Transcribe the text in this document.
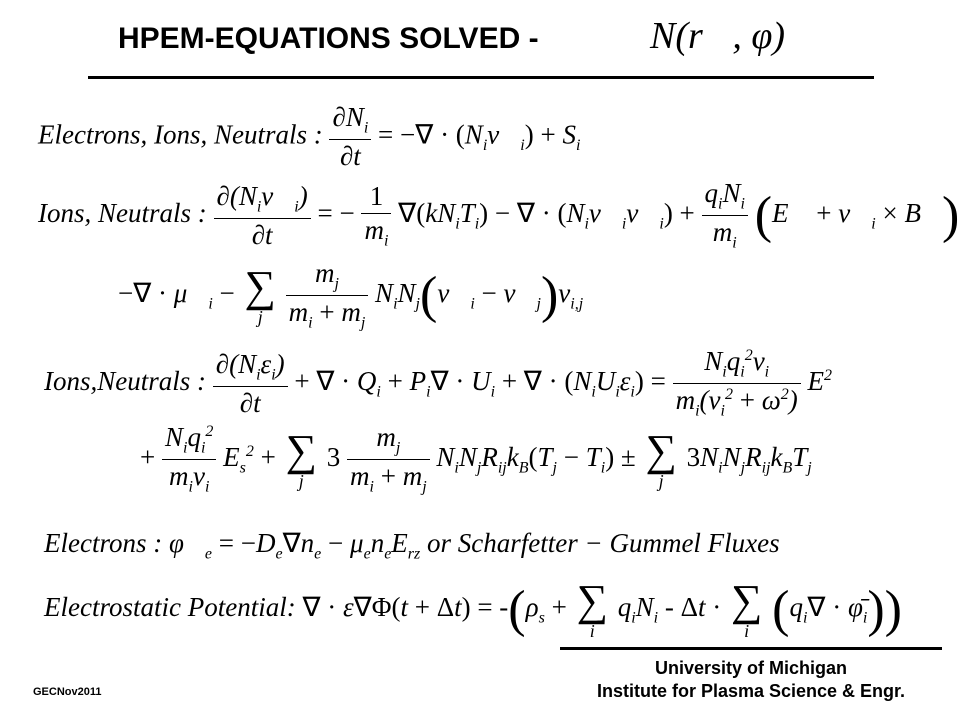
HPEM-EQUATIONS SOLVED -	N(r⃗, φ)
Electrons, Ions, Neutrals : $\frac{\partial N_i}{\partial t}$ = −∇ · $(N_iv⃗_i) + S_i$
Ions, Neutrals : $\frac{\partial(N_iv⃗_i)}{\partial t}$ = − $\frac{1}{m_i} \nabla(kN_iT_i)$ − ∇ · $(N_iv⃗_iv⃗_i) + \frac{q_iN_i}{m_i}$ (E⃗ + $v⃗_i$ × B⃗)
−∇ · $\mu⃗_i$ − ∑
j
$\frac{m_j}{m_i + m_j}$ $N_iN_j(v⃗_i$ − $v⃗_j)\nu_{i,j}$
Ions,Neutrals : $\frac{\partial(N_i\varepsilon_i)}{\partial t}$ + ∇ · $Q_i + P_i\nabla \cdot U_i$ + ∇ · $(N_iU_i\varepsilon_i) = \frac{N_iq_i^2\nu_i}{m_i(\nu_i^2 + \omega^2)} E^2$
+ $\frac{N_iq_i^2}{m_i\nu_i} E_s^2$ + ∑
j
$3 \frac{m_j}{m_i + m_j} N_iN_jR_{ij}k_B(T_j - T_i)$ ± ∑
j
$3N_iN_jR_{ij}k_BT_j$
Electrons : $\varphi⃗_e = -D_e\nabla n_e - \mu_en_eE_{rz}$ or Scharfetter − Gummel Fluxes
Electrostatic Potential: ∇ · $\varepsilon\nabla\Phi(t + \Delta t) = -(\rho_s$ + ∑
i
$q_iN_i$ - Δt · ∑
i ($q_i\nabla$ · $\varphī_i$))
University of Michigan
Institute for Plasma Science & Engr.
GECNov2011
